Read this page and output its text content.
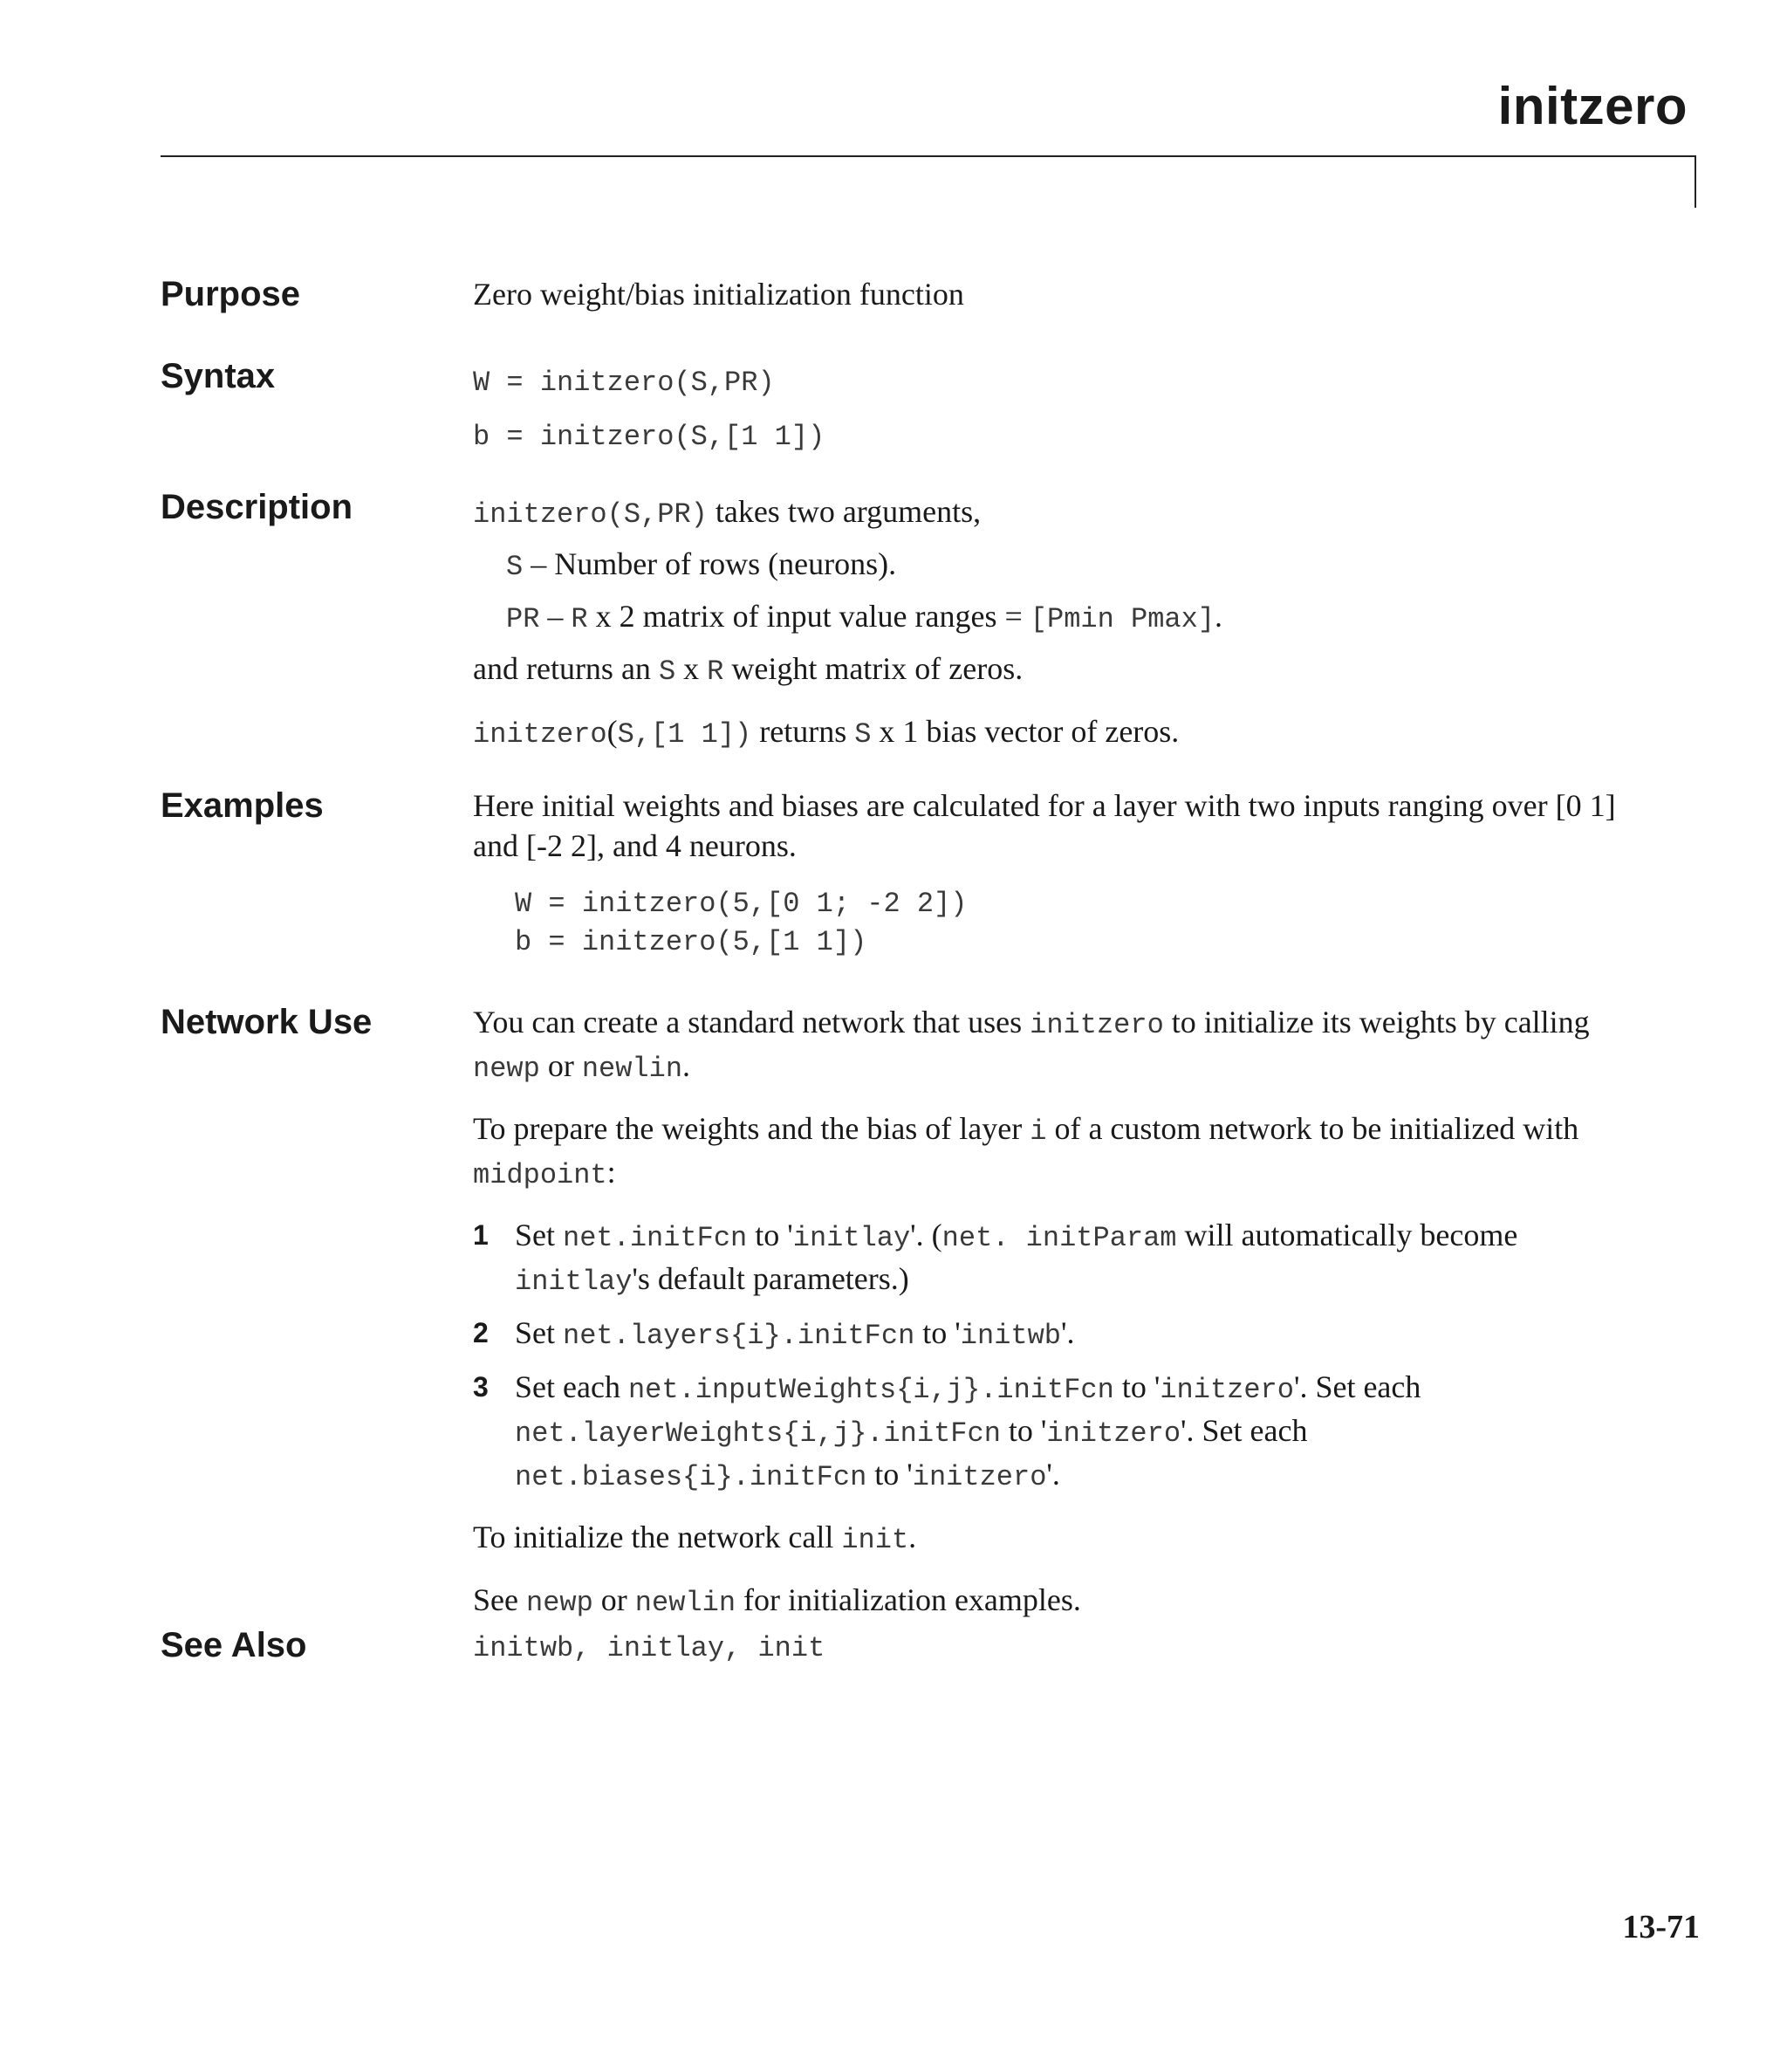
initzero
Purpose	Zero weight/bias initialization function
Syntax	W = initzero(S,PR)
b = initzero(S,[1 1])
Description	initzero(S,PR) takes two arguments,

S – Number of rows (neurons).

PR – R x 2 matrix of input value ranges = [Pmin Pmax].

and returns an S x R weight matrix of zeros.

initzero(S,[1 1]) returns S x 1 bias vector of zeros.

Examples	Here initial weights and biases are calculated for a layer with two inputs ranging over [0 1] and [-2 2], and 4 neurons.

W = initzero(5,[0 1; -2 2])
b = initzero(5,[1 1])
Network Use	You can create a standard network that uses initzero to initialize its weights by calling newp or newlin.

To prepare the weights and the bias of layer i of a custom network to be initialized with midpoint:

1 Set net.initFcn to 'initlay'. (net. initParam will automatically become initlay's default parameters.)
2 Set net.layers{i}.initFcn to 'initwb'.
3 Set each net.inputWeights{i,j}.initFcn to 'initzero'. Set each net.layerWeights{i,j}.initFcn to 'initzero'. Set each net.biases{i}.initFcn to 'initzero'.

To initialize the network call init.

See newp or newlin for initialization examples.

See Also	initwb, initlay, init
13-71
